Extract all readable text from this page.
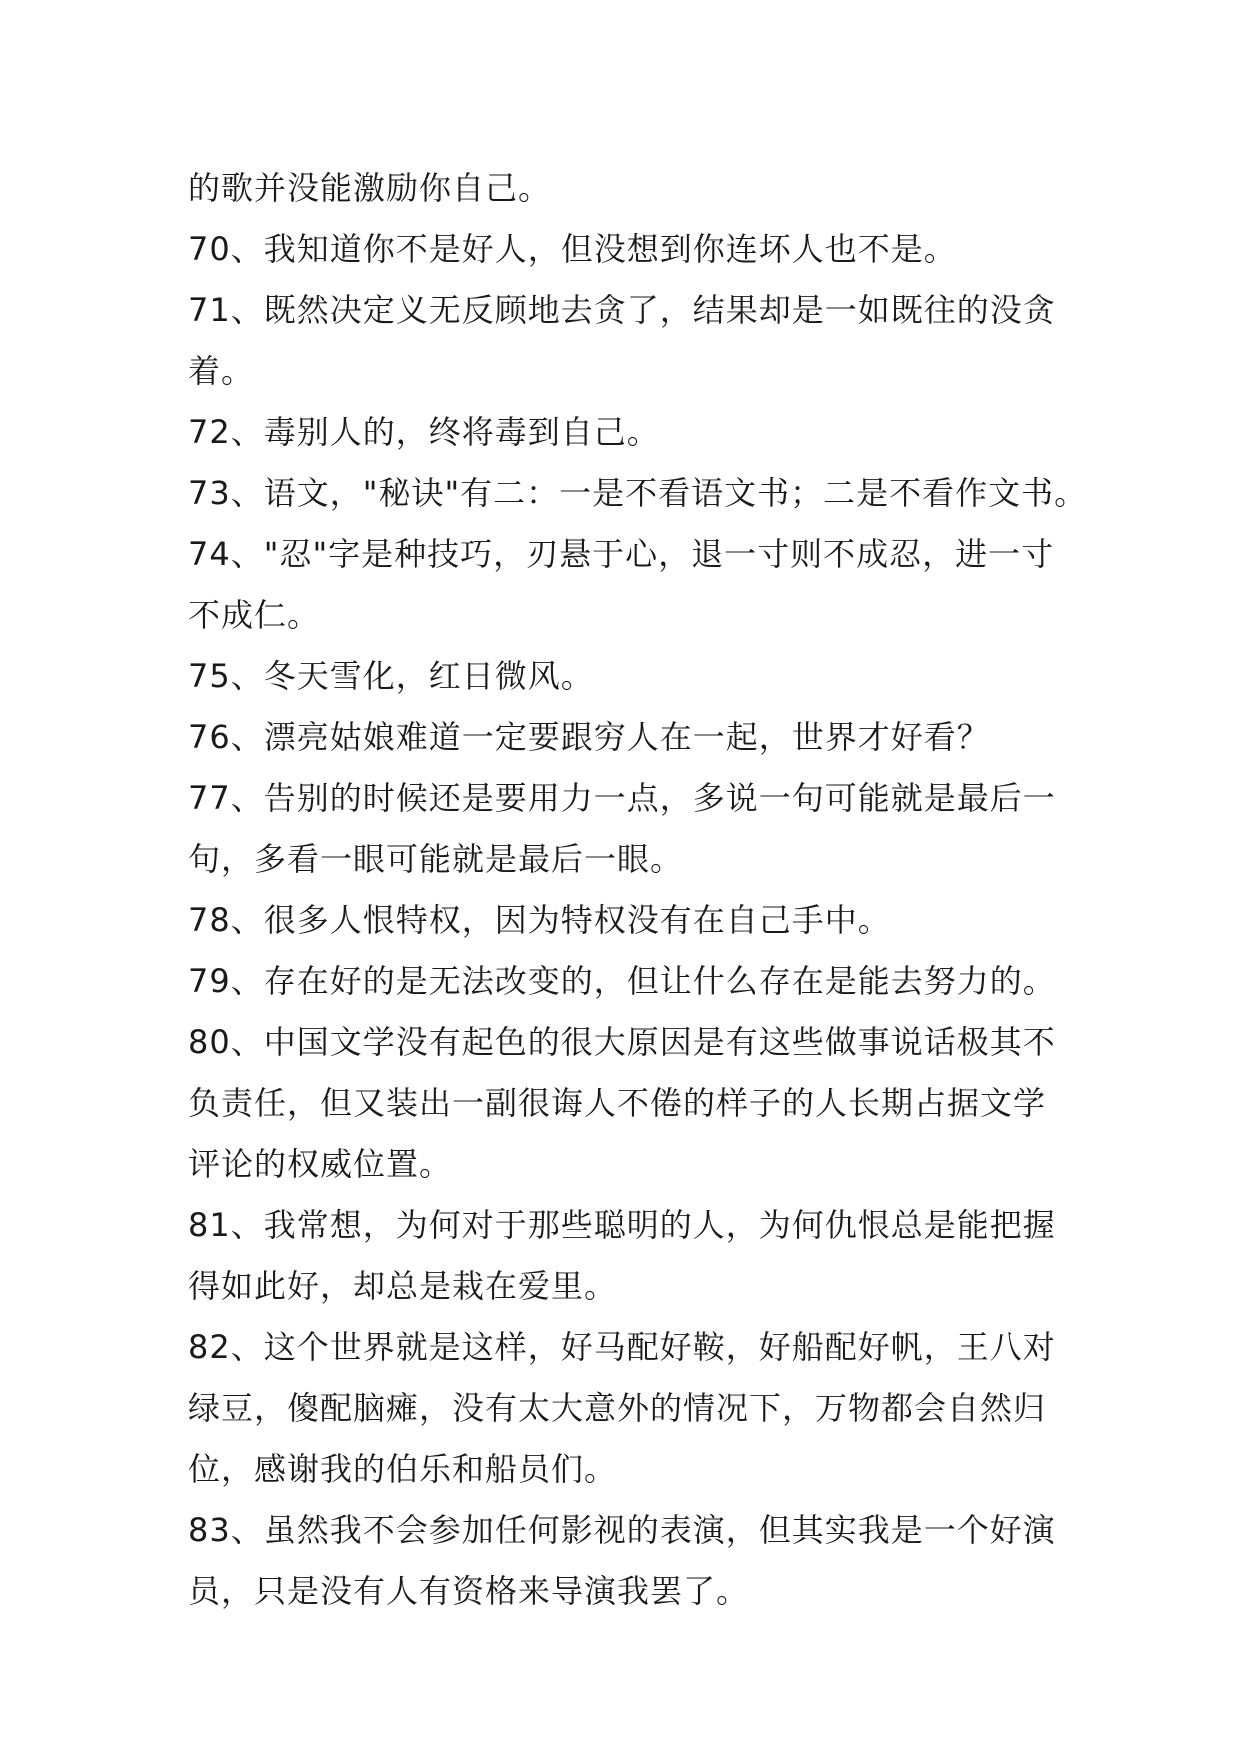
的歌并没能激励你自己。
70、我知道你不是好人，但没想到你连坏人也不是。
71、既然决定义无反顾地去贪了，结果却是一如既往的没贪
着。
72、毒别人的，终将毒到自己。
73、语文，"秘诀"有二：一是不看语文书；二是不看作文书。
74、"忍"字是种技巧，刃悬于心，退一寸则不成忍，进一寸
不成仁。
75、冬天雪化，红日微风。
76、漂亮姑娘难道一定要跟穷人在一起，世界才好看？
77、告别的时候还是要用力一点，多说一句可能就是最后一
句，多看一眼可能就是最后一眼。
78、很多人恨特权，因为特权没有在自己手中。
79、存在好的是无法改变的，但让什么存在是能去努力的。
80、中国文学没有起色的很大原因是有这些做事说话极其不
负责任，但又装出一副很诲人不倦的样子的人长期占据文学
评论的权威位置。
81、我常想，为何对于那些聪明的人，为何仇恨总是能把握
得如此好，却总是栽在爱里。
82、这个世界就是这样，好马配好鞍，好船配好帆，王八对
绿豆，傻配脑瘫，没有太大意外的情况下，万物都会自然归
位，感谢我的伯乐和船员们。
83、虽然我不会参加任何影视的表演，但其实我是一个好演
员，只是没有人有资格来导演我罢了。
